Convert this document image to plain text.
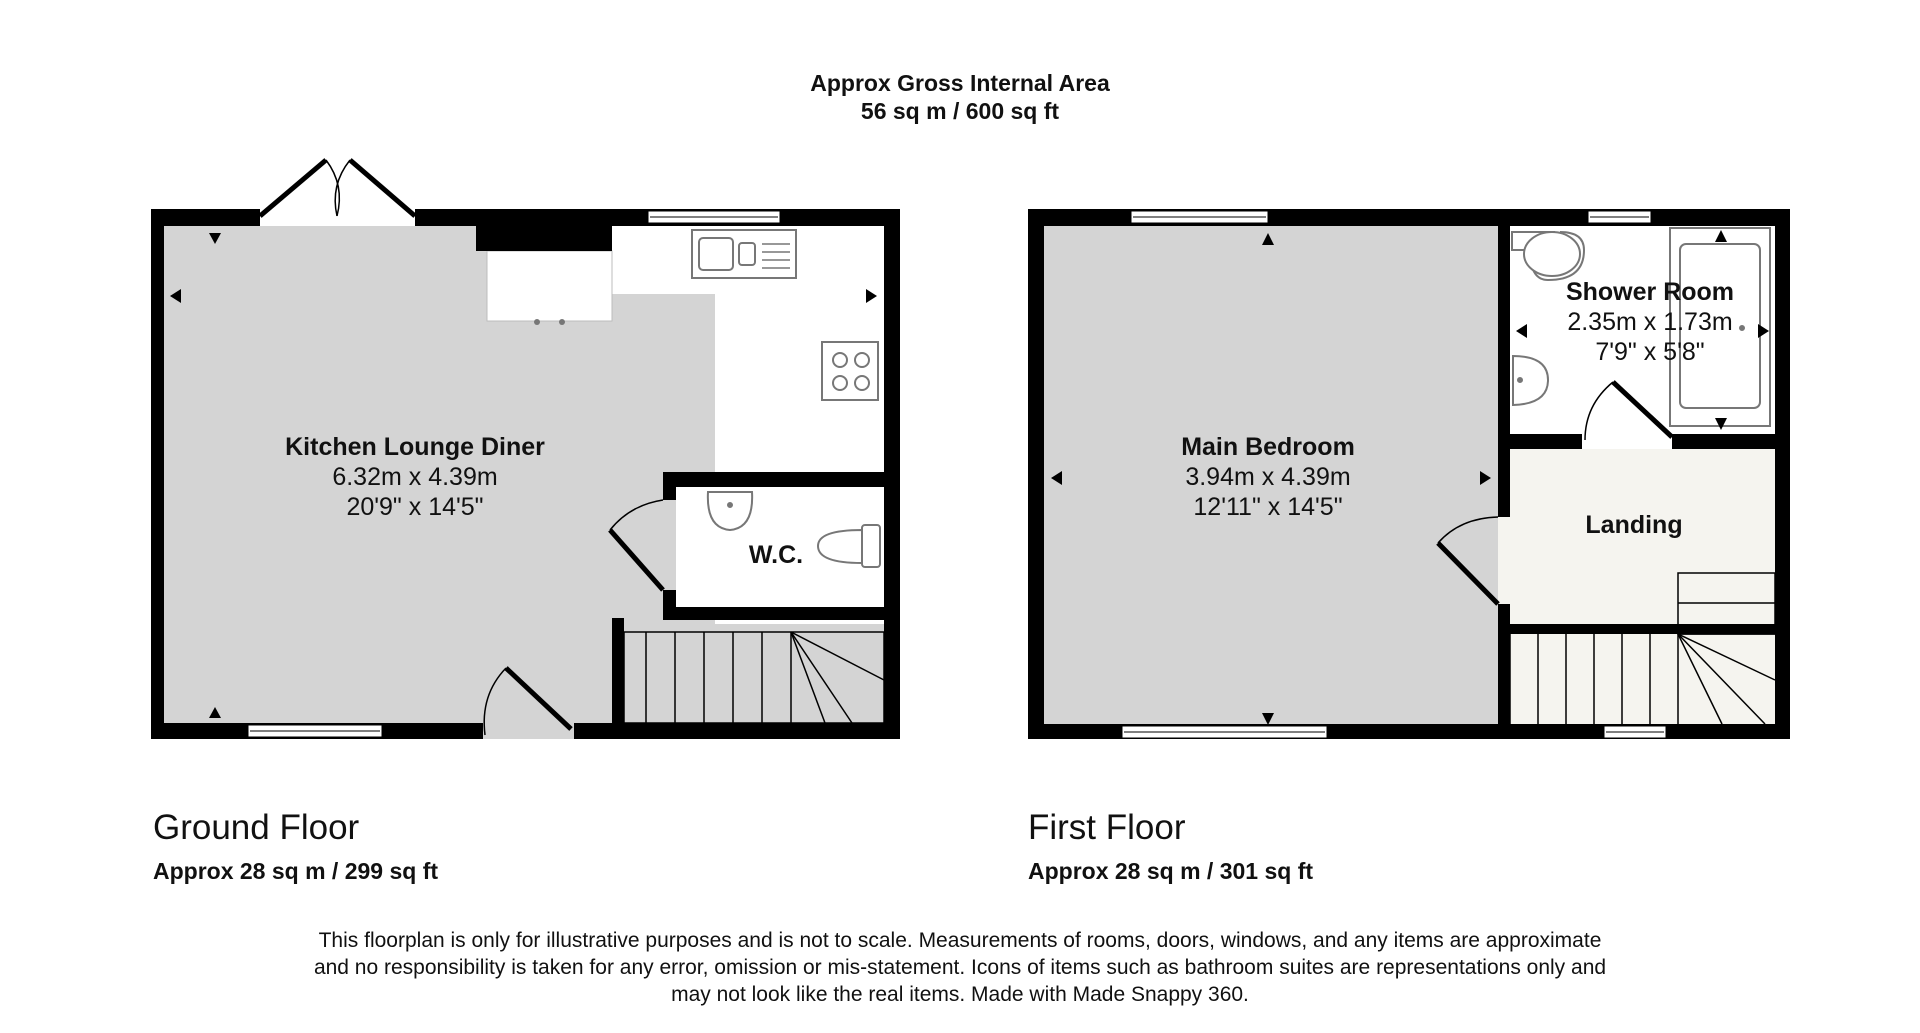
Approx Gross Internal Area
56 sq m / 600 sq ft
Kitchen Lounge Diner
6.32m x 4.39m
20'9" x 14'5"
W.C.
Main Bedroom
3.94m x 4.39m
12'11" x 14'5"
Shower Room
2.35m x 1.73m
7'9" x 5'8"
Landing
Ground Floor
Approx 28 sq m / 299 sq ft
First Floor
Approx 28 sq m / 301 sq ft
This floorplan is only for illustrative purposes and is not to scale. Measurements of rooms, doors, windows, and any items are approximate
and no responsibility is taken for any error, omission or mis-statement. Icons of items such as bathroom suites are representations only and
may not look like the real items. Made with Made Snappy 360.
